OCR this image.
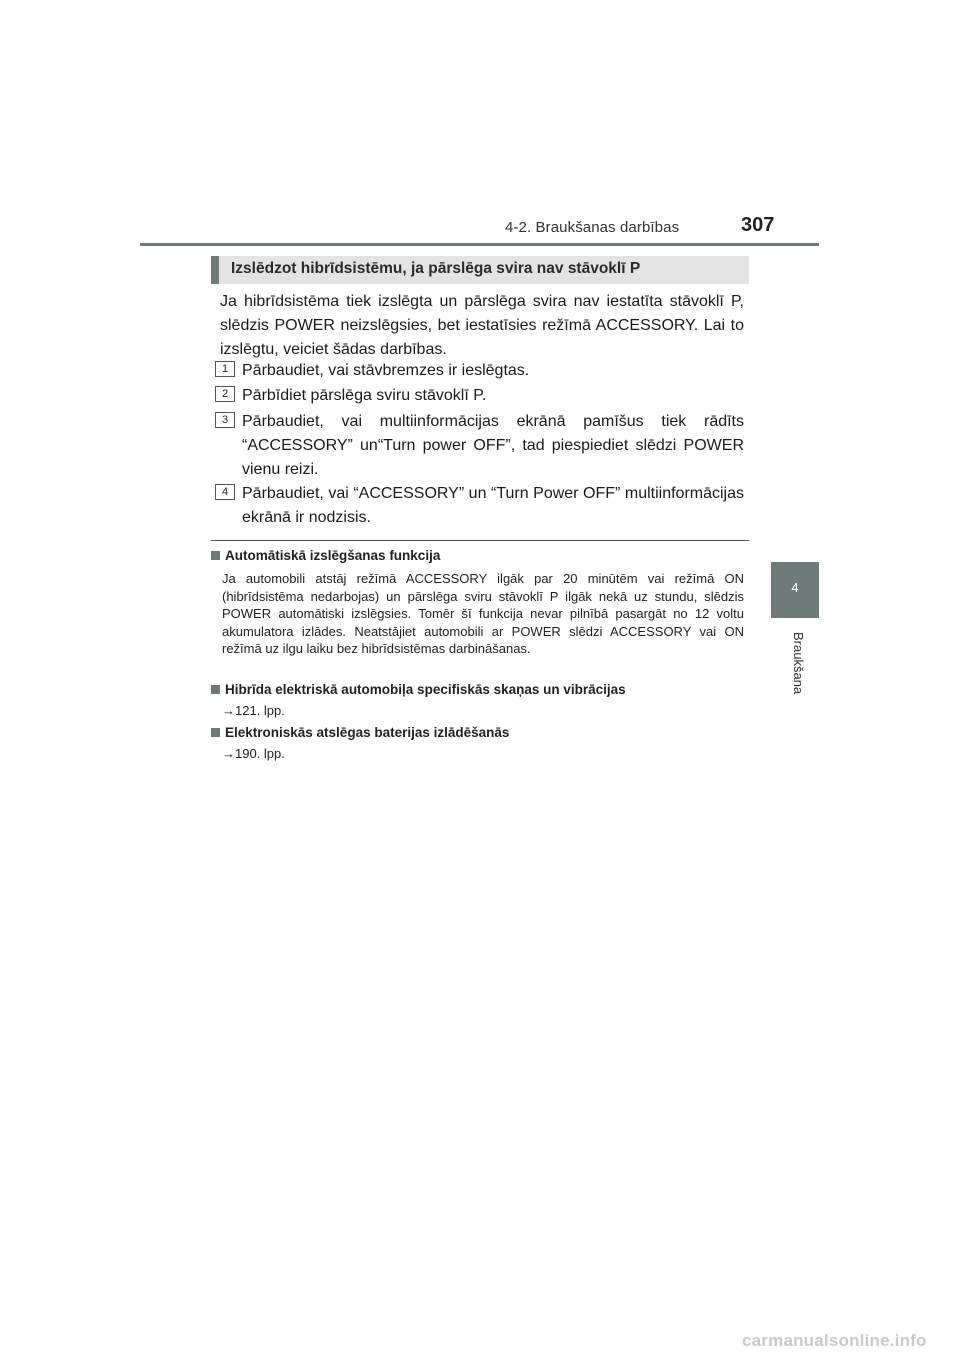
4-2. Braukšanas darbības	307
4
Braukšana
Izslēdzot hibrīdsistēmu, ja pārslēga svira nav stāvoklī P

Ja hibrīdsistēma tiek izslēgta un pārslēga svira nav iestatīta stāvoklī P, slēdzis POWER neizslēgsies, bet iestatīsies režīmā ACCESSORY. Lai to izslēgtu, veiciet šādas darbības.

1 Pārbaudiet, vai stāvbremzes ir ieslēgtas.

2 Pārbīdiet pārslēga sviru stāvoklī P.

3 Pārbaudiet, vai multiinformācijas ekrānā pamīšus tiek rādīts “ACCESSORY” un“Turn power OFF”, tad piespiediet slēdzi POWER vienu reizi.

4 Pārbaudiet, vai “ACCESSORY” un “Turn Power OFF” multiinformācijas ekrānā ir nodzisis.

Automātiskā izslēgšanas funkcija

Ja automobili atstāj režīmā ACCESSORY ilgāk par 20 minūtēm vai režīmā ON (hibrīdsistēma nedarbojas) un pārslēga sviru stāvoklī P ilgāk nekā uz stundu, slēdzis POWER automātiski izslēgsies. Tomēr šī funkcija nevar pilnībā pasargāt no 12 voltu akumulatora izlādes. Neatstājiet automobili ar POWER slēdzi ACCESSORY vai ON režīmā uz ilgu laiku bez hibrīdsistēmas darbināšanas.

Hibrīda elektriskā automobiļa specifiskās skaņas un vibrācijas
→121. lpp.
Elektroniskās atslēgas baterijas izlādēšanās
→190. lpp.
carmanualsonline.info
